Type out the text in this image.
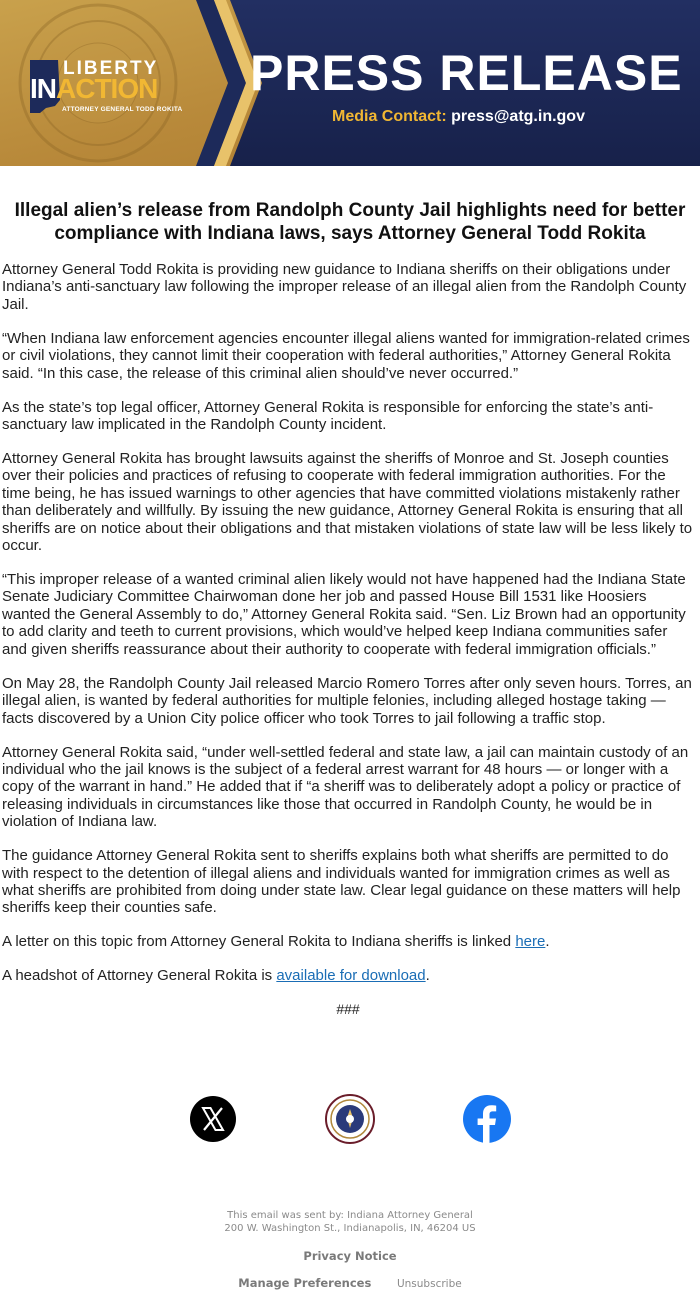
LIBERTY
INACTION
ATTORNEY GENERAL TODD ROKITA
PRESS RELEASE
Media Contact: press@atg.in.gov
Illegal alien’s release from Randolph County Jail highlights need for better compliance with Indiana laws, says Attorney General Todd Rokita

Attorney General Todd Rokita is providing new guidance to Indiana sheriffs on their obligations under Indiana’s anti-sanctuary law following the improper release of an illegal alien from the Randolph County Jail.

“When Indiana law enforcement agencies encounter illegal aliens wanted for immigration-related crimes or civil violations, they cannot limit their cooperation with federal authorities,” Attorney General Rokita said. “In this case, the release of this criminal alien should’ve never occurred.”

As the state’s top legal officer, Attorney General Rokita is responsible for enforcing the state’s anti-sanctuary law implicated in the Randolph County incident.

Attorney General Rokita has brought lawsuits against the sheriffs of Monroe and St. Joseph counties over their policies and practices of refusing to cooperate with federal immigration authorities. For the time being, he has issued warnings to other agencies that have committed violations mistakenly rather than deliberately and willfully. By issuing the new guidance, Attorney General Rokita is ensuring that all sheriffs are on notice about their obligations and that mistaken violations of state law will be less likely to occur.

“This improper release of a wanted criminal alien likely would not have happened had the Indiana State Senate Judiciary Committee Chairwoman done her job and passed House Bill 1531 like Hoosiers wanted the General Assembly to do,” Attorney General Rokita said. “Sen. Liz Brown had an opportunity to add clarity and teeth to current provisions, which would’ve helped keep Indiana communities safer and given sheriffs reassurance about their authority to cooperate with federal immigration officials.”

On May 28, the Randolph County Jail released Marcio Romero Torres after only seven hours. Torres, an illegal alien, is wanted by federal authorities for multiple felonies, including alleged hostage taking — facts discovered by a Union City police officer who took Torres to jail following a traffic stop.

Attorney General Rokita said, “under well-settled federal and state law, a jail can maintain custody of an individual who the jail knows is the subject of a federal arrest warrant for 48 hours — or longer with a copy of the warrant in hand.” He added that if “a sheriff was to deliberately adopt a policy or practice of releasing individuals in circumstances like those that occurred in Randolph County, he would be in violation of Indiana law.

The guidance Attorney General Rokita sent to sheriffs explains both what sheriffs are permitted to do with respect to the detention of illegal aliens and individuals wanted for immigration crimes as well as what sheriffs are prohibited from doing under state law. Clear legal guidance on these matters will help sheriffs keep their counties safe.

A letter on this topic from Attorney General Rokita to Indiana sheriffs is linked here.

A headshot of Attorney General Rokita is available for download.

###

This email was sent by: Indiana Attorney General
200 W. Washington St., Indianapolis, IN, 46204 US
Privacy Notice
Manage Preferences Unsubscribe
